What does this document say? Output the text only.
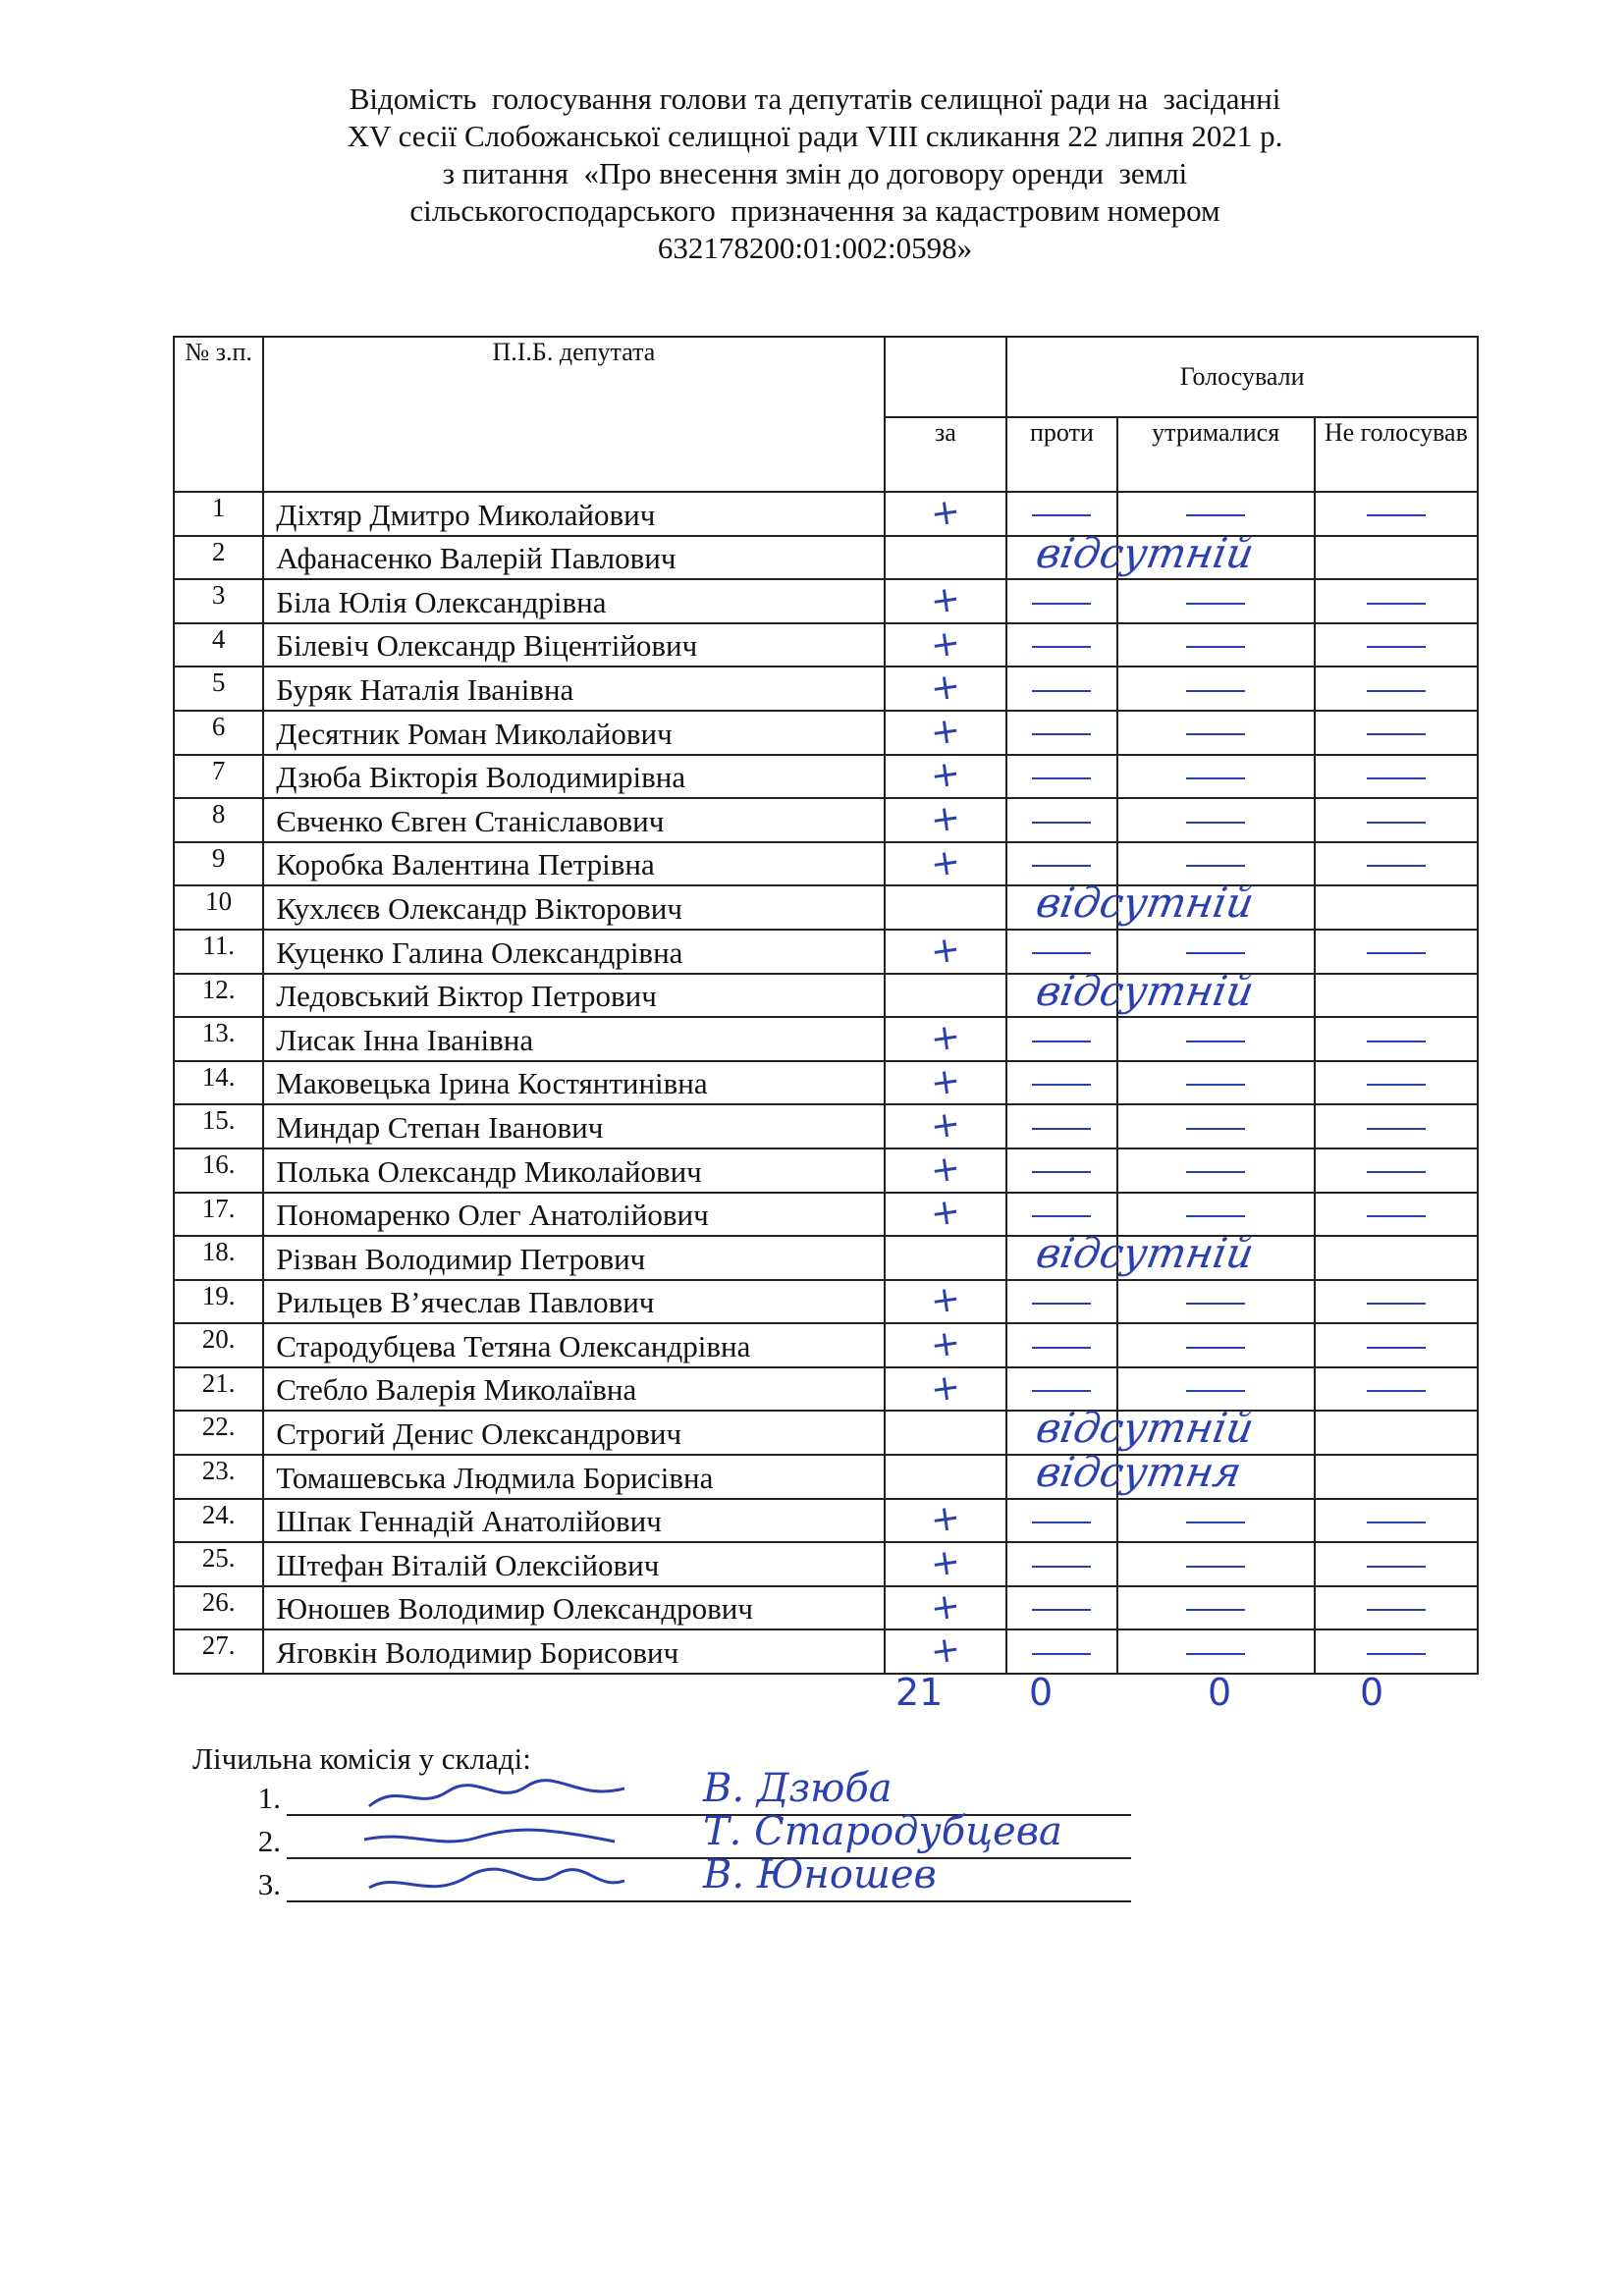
Відомість  голосування голови та депутатів селищної ради на  засіданні
XV сесії Слобожанської селищної ради VIII скликання 22 липня 2021 р.
з питання  «Про внесення змін до договору оренди  землі
сільськогосподарського  призначення за кадастровим номером
632178200:01:002:0598»
№ з.п.	П.І.Б. депутата		Голосували		
		за	проти	утрималися	Не голосував
1	Діхтяр Дмитро Миколайович	+			
2	Афанасенко Валерій Павлович		відсутній		

3	Біла Юлія Олександрівна	+			
4	Білевіч Олександр Віцентійович	+			
5	Буряк Наталія Іванівна	+			
6	Десятник Роман Миколайович	+			
7	Дзюба Вікторія Володимирівна	+			
8	Євченко Євген Станіславович	+			
9	Коробка Валентина Петрівна	+			
10	Кухлєєв Олександр Вікторович		відсутній		

11.	Куценко Галина Олександрівна	+			
12.	Ледовський Віктор Петрович		відсутній		

13.	Лисак Інна Іванівна	+			
14.	Маковецька Ірина Костянтинівна	+			
15.	Миндар Степан Іванович	+			
16.	Полька Олександр Миколайович	+			
17.	Пономаренко Олег Анатолійович	+			
18.	Різван Володимир Петрович		відсутній		

19.	Рильцев В’ячеслав Павлович	+			
20.	Стародубцева Тетяна Олександрівна	+			
21.	Стебло Валерія Миколаївна	+			
22.	Строгий Денис Олександрович		відсутній		

23.	Томашевська Людмила Борисівна		відсутня		

24.	Шпак Геннадій Анатолійович	+			
25.	Штефан Віталій Олексійович	+			
26.	Юношев Володимир Олександрович	+			
27.	Яговкін Володимир Борисович	+			
21 0	0	0
Лічильна комісія у складі:
1.	В. Дзюба
2.	Т. Стародубцева
3.	В. Юношев
